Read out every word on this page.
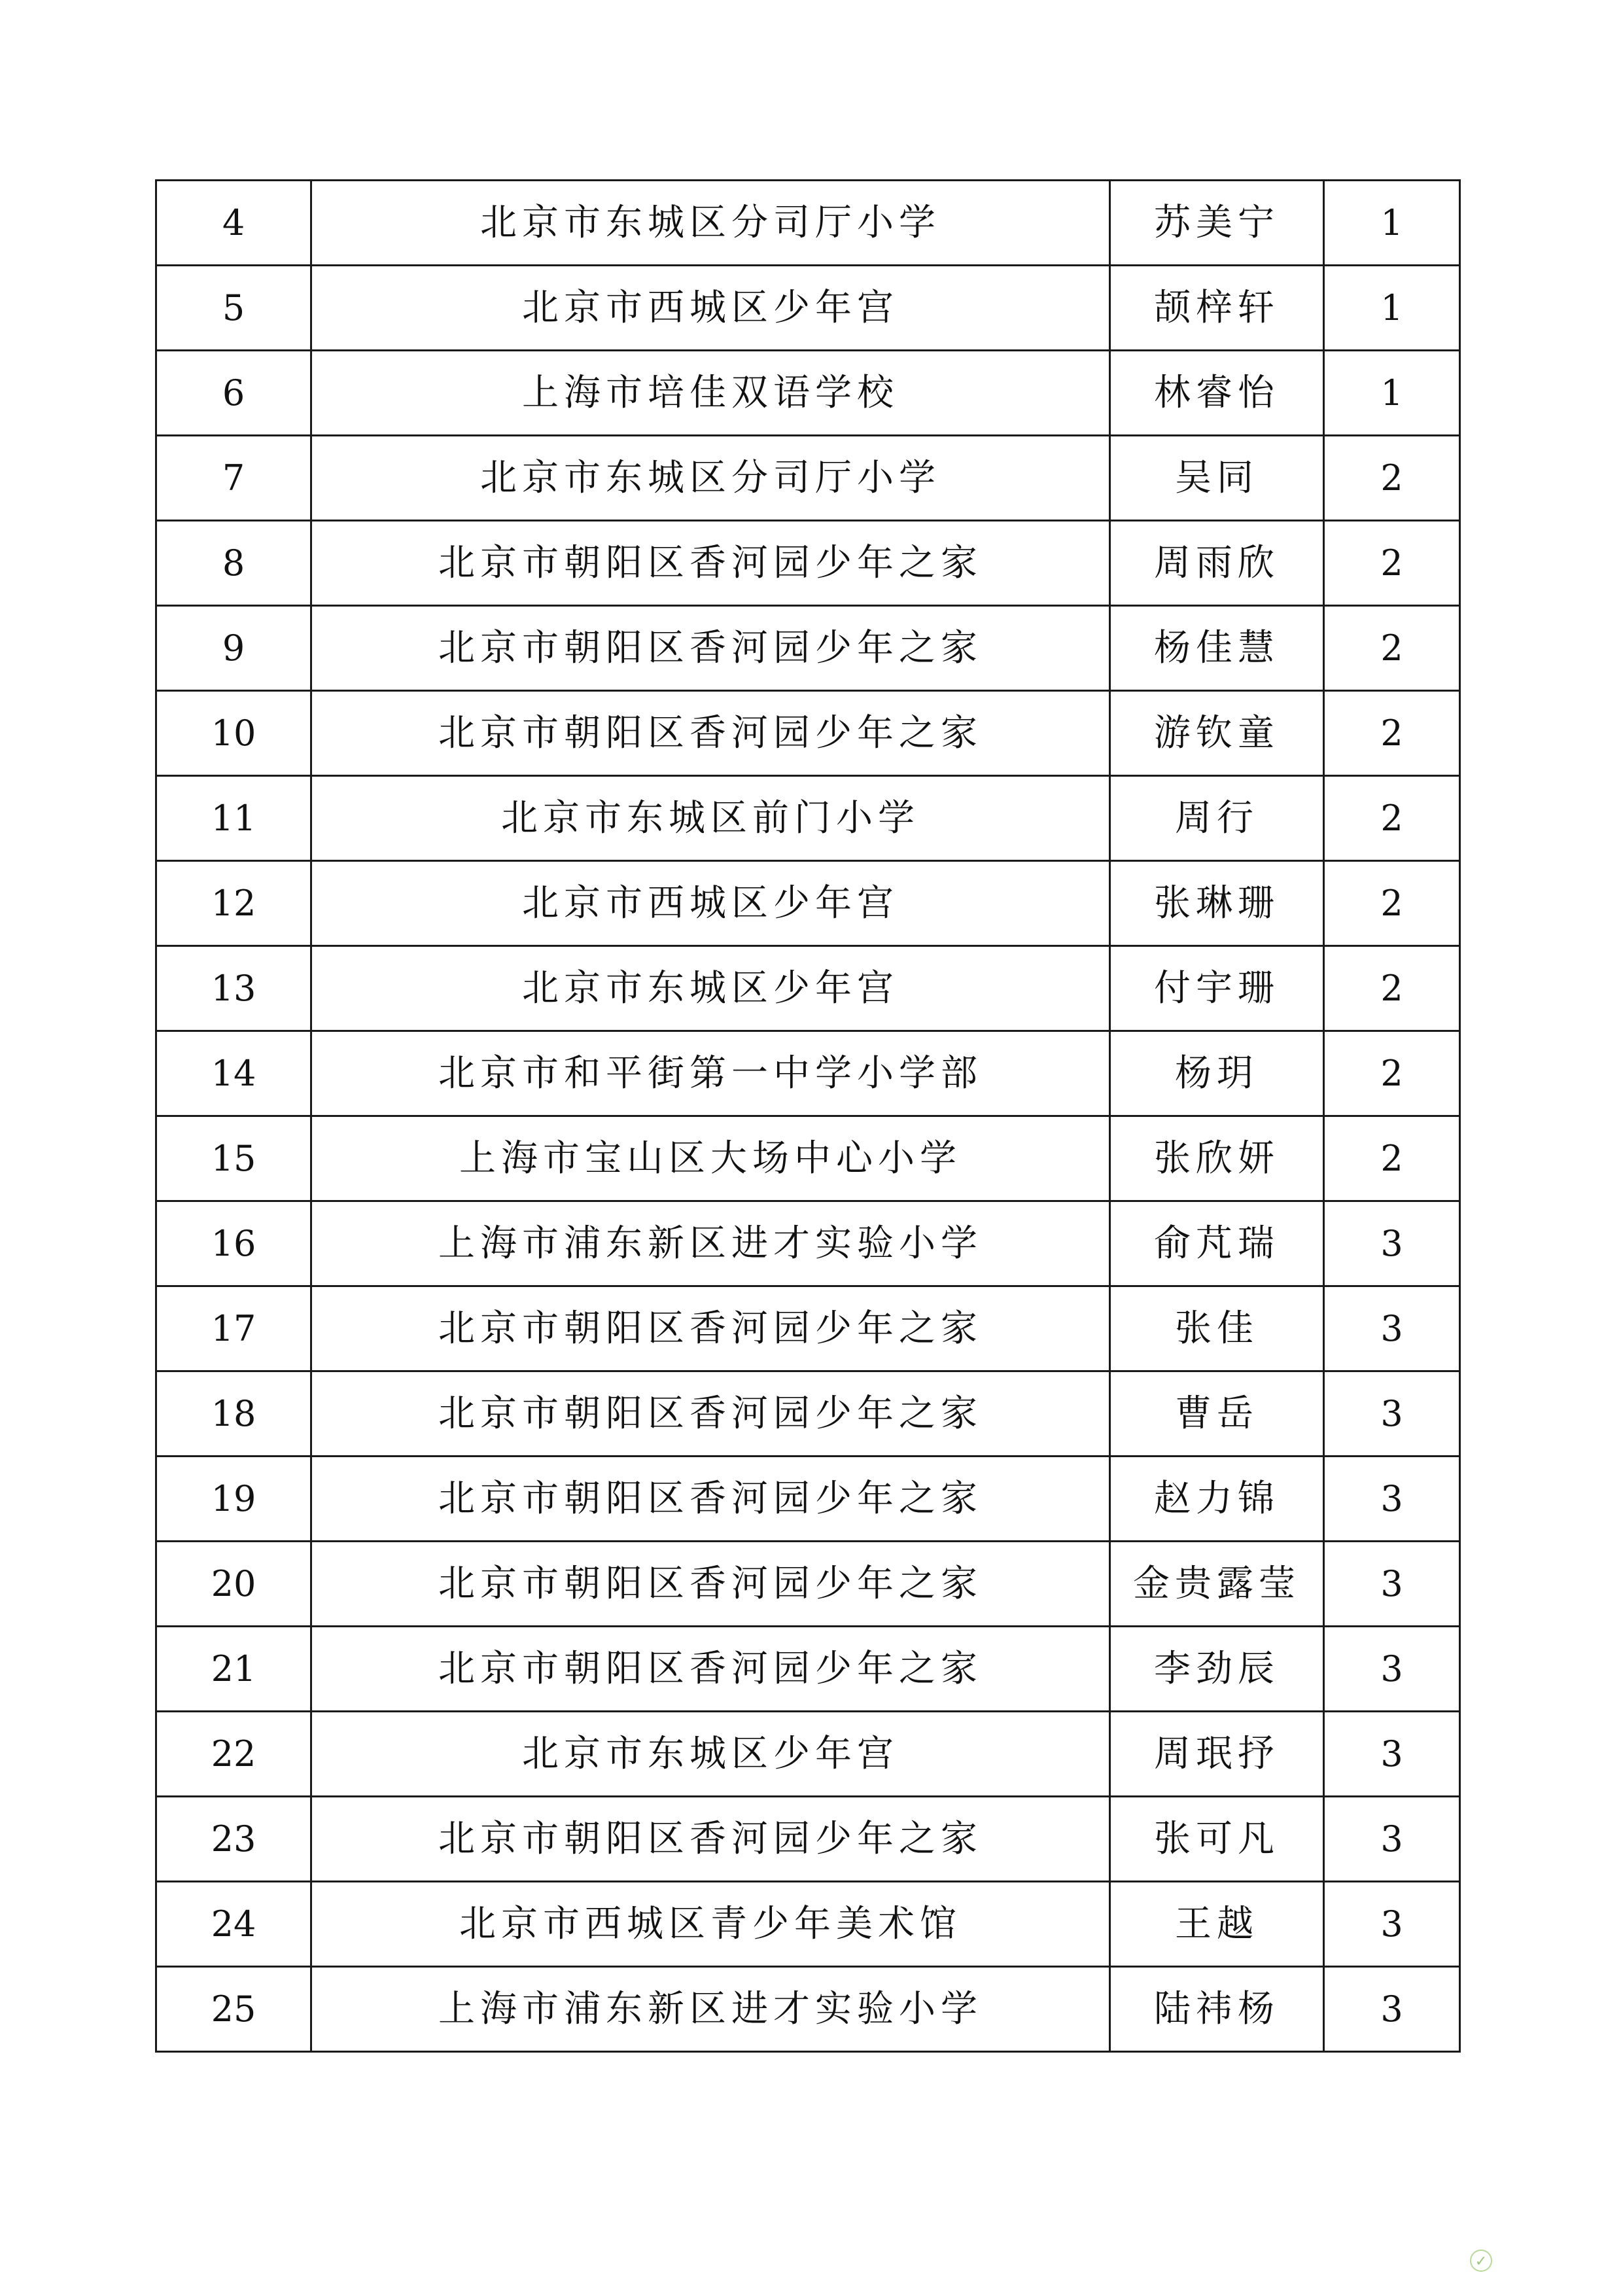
4	北京市东城区分司厅小学	苏美宁	1
5	北京市西城区少年宫	颉梓轩	1
6	上海市培佳双语学校	林睿怡	1
7	北京市东城区分司厅小学	吴同	2
8	北京市朝阳区香河园少年之家	周雨欣	2
9	北京市朝阳区香河园少年之家	杨佳慧	2
10	北京市朝阳区香河园少年之家	游钦童	2
11	北京市东城区前门小学	周行	2
12	北京市西城区少年宫	张琳珊	2
13	北京市东城区少年宫	付宇珊	2
14	北京市和平街第一中学小学部	杨玥	2
15	上海市宝山区大场中心小学	张欣妍	2
16	上海市浦东新区进才实验小学	俞芃瑞	3
17	北京市朝阳区香河园少年之家	张佳	3
18	北京市朝阳区香河园少年之家	曹岳	3
19	北京市朝阳区香河园少年之家	赵力锦	3
20	北京市朝阳区香河园少年之家	金贵露莹	3
21	北京市朝阳区香河园少年之家	李劲辰	3
22	北京市东城区少年宫	周珉抒	3
23	北京市朝阳区香河园少年之家	张可凡	3
24	北京市西城区青少年美术馆	王越	3
25	上海市浦东新区进才实验小学	陆祎杨	3
✓
